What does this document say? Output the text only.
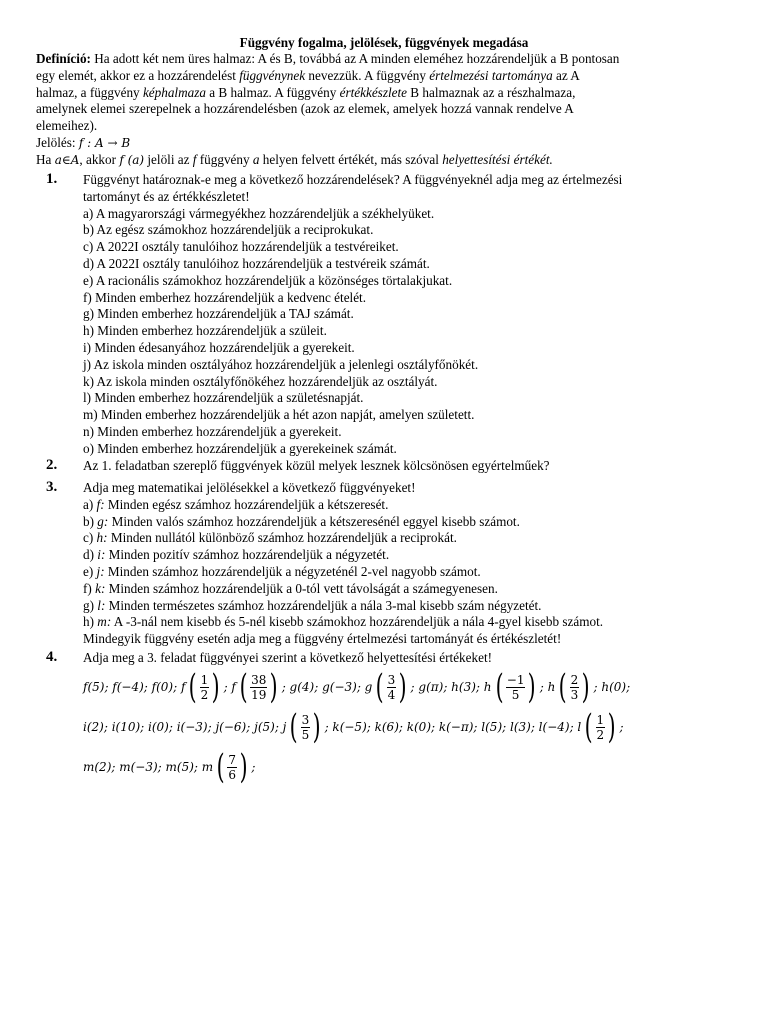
Függvény fogalma, jelölések, függvények megadása
Definíció: Ha adott két nem üres halmaz: A és B, továbbá az A minden eleméhez hozzárendeljük a B pontosan
egy elemét, akkor ez a hozzárendelést függvénynek nevezzük. A függvény értelmezési tartománya az A
halmaz, a függvény képhalmaza a B halmaz. A függvény értékkészlete B halmaznak az a részhalmaza,
amelynek elemei szerepelnek a hozzárendelésben (azok az elemek, amelyek hozzá vannak rendelve A
elemeihez).
Jelölés: f : A → B
Ha a∈A, akkor f (a) jelöli az f függvény a helyen felvett értékét, más szóval helyettesítési értékét.
1. Függvényt határoznak-e meg a következő hozzárendelések? A függvényeknél adja meg az értelmezési
tartományt és az értékkészletet!
a) A magyarországi vármegyékhez hozzárendeljük a székhelyüket.
b) Az egész számokhoz hozzárendeljük a reciprokukat.
c) A 2022I osztály tanulóihoz hozzárendeljük a testvéreiket.
d) A 2022I osztály tanulóihoz hozzárendeljük a testvéreik számát.
e) A racionális számokhoz hozzárendeljük a közönséges törtalakjukat.
f) Minden emberhez hozzárendeljük a kedvenc ételét.
g) Minden emberhez hozzárendeljük a TAJ számát.
h) Minden emberhez hozzárendeljük a szüleit.
i) Minden édesanyához hozzárendeljük a gyerekeit.
j) Az iskola minden osztályához hozzárendeljük a jelenlegi osztályfőnökét.
k) Az iskola minden osztályfőnökéhez hozzárendeljük az osztályát.
l) Minden emberhez hozzárendeljük a születésnapját.
m) Minden emberhez hozzárendeljük a hét azon napját, amelyen született.
n) Minden emberhez hozzárendeljük a gyerekeit.
o) Minden emberhez hozzárendeljük a gyerekeinek számát.
2. Az 1. feladatban szereplő függvények közül melyek lesznek kölcsönösen egyértelműek?
3. Adja meg matematikai jelölésekkel a következő függvényeket!
a) f: Minden egész számhoz hozzárendeljük a kétszeresét.
b) g: Minden valós számhoz hozzárendeljük a kétszeresénél eggyel kisebb számot.
c) h: Minden nullától különböző számhoz hozzárendeljük a reciprokát.
d) i: Minden pozitív számhoz hozzárendeljük a négyzetét.
e) j: Minden számhoz hozzárendeljük a négyzeténél 2-vel nagyobb számot.
f) k: Minden számhoz hozzárendeljük a 0-tól vett távolságát a számegyenesen.
g) l: Minden természetes számhoz hozzárendeljük a nála 3-mal kisebb szám négyzetét.
h) m: A -3-nál nem kisebb és 5-nél kisebb számokhoz hozzárendeljük a nála 4-gyel kisebb számot.
Mindegyik függvény esetén adja meg a függvény értelmezési tartományát és értékészletét!
4. Adja meg a 3. feladat függvényei szerint a következő helyettesítési értékeket!
f(5); f(−4); f(0); f ( $\frac{1}{2}$ ) ; f ( $\frac{38}{19}$ ) ; g(4); g(−3); g ( $\frac{3}{4}$ ) ; g(π); h(3); h ( $\frac{-1}{5}$ ) ; h ( $\frac{2}{3}$ ) ; h(0);
i(2); i(10); i(0); i(−3); j(−6); j(5); j ( $\frac{3}{5}$ ) ; k(−5); k(6); k(0); k(−π); l(5); l(3); l(−4); l ( $\frac{1}{2}$ ) ;
m(2); m(−3); m(5); m ( $\frac{7}{6}$ ) ;
